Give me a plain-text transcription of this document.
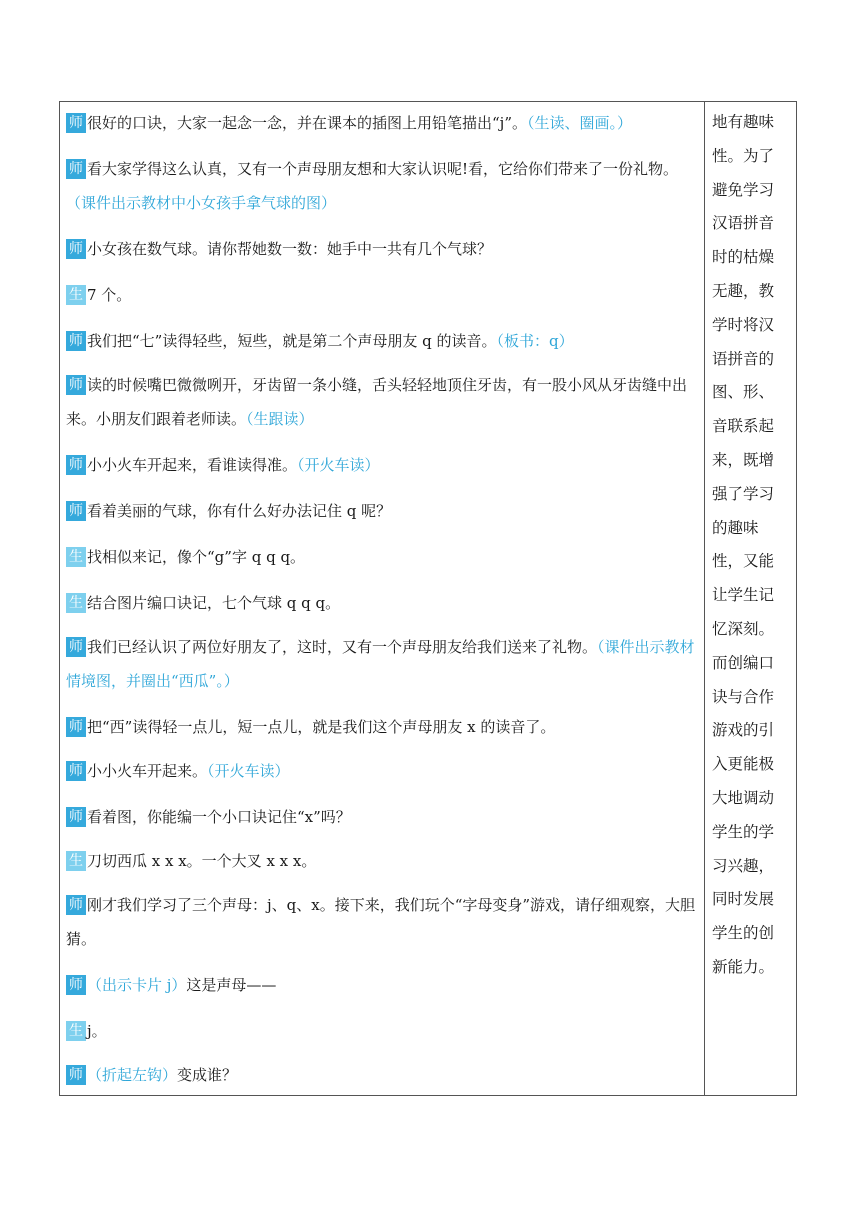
师 很好的口诀，大家一起念一念，并在课本的插图上用铅笔描出“j”。（生读、圈画。）
师 看大家学得这么认真，又有一个声母朋友想和大家认识呢!看，它给你们带来了一份礼物。（课件出示教材中小女孩手拿气球的图）
师 小女孩在数气球。请你帮她数一数：她手中一共有几个气球？
生 7 个。
师 我们把“七”读得轻些，短些，就是第二个声母朋友 q 的读音。（板书：q）
师 读的时候嘴巴微微咧开，牙齿留一条小缝，舌头轻轻地顶住牙齿，有一股小风从牙齿缝中出来。小朋友们跟着老师读。（生跟读）
师 小小火车开起来，看谁读得准。（开火车读）
师 看着美丽的气球，你有什么好办法记住 q 呢？
生 找相似来记，像个“g”字 q q q。
生 结合图片编口诀记，七个气球 q q q。
师 我们已经认识了两位好朋友了，这时，又有一个声母朋友给我们送来了礼物。（课件出示教材情境图，并圈出“西瓜”。）
师 把“西”读得轻一点儿，短一点儿，就是我们这个声母朋友 x 的读音了。
师 小小火车开起来。（开火车读）
师 看着图，你能编一个小口诀记住“x”吗？
生 刀切西瓜 x x x。一个大叉 x x x。
师 刚才我们学习了三个声母：j、q、x。接下来，我们玩个“字母变身”游戏，请仔细观察，大胆猜。
师 （出示卡片 j）这是声母——
生 j。
师 （折起左钩）变成谁？
地有趣味
性。为了
避免学习
汉语拼音
时的枯燥
无趣，教
学时将汉
语拼音的
图、形、
音联系起
来，既增
强了学习
的趣味
性，又能
让学生记
忆深刻。
而创编口
诀与合作
游戏的引
入更能极
大地调动
学生的学
习兴趣，
同时发展
学生的创
新能力。
